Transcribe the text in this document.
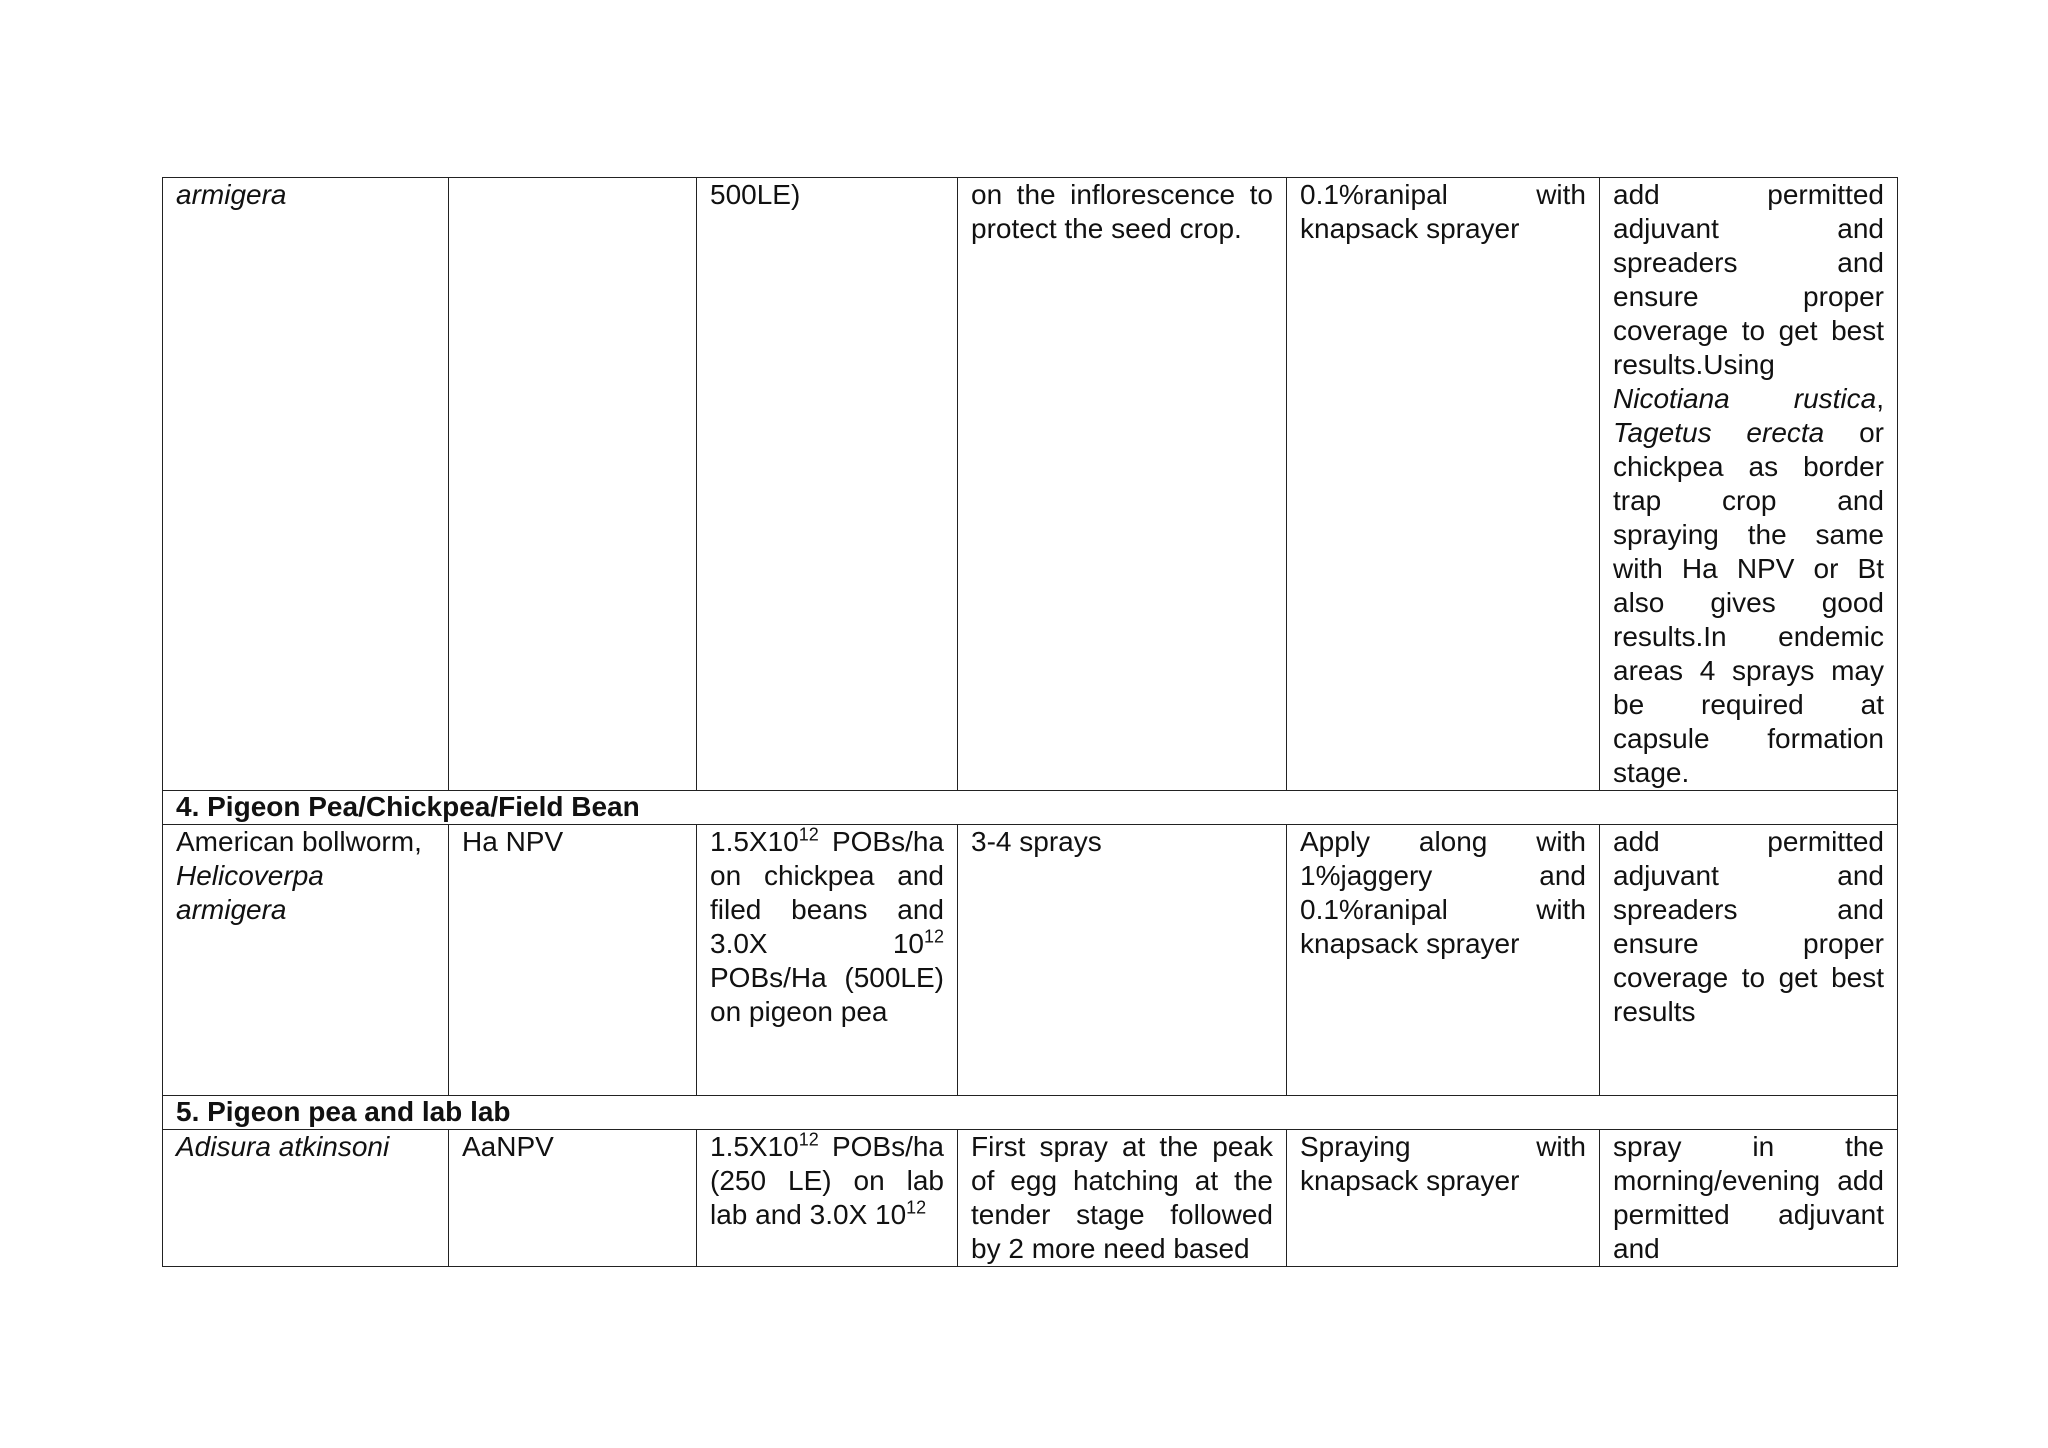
armigera		500LE)	on the inflorescence to protect the seed crop.	0.1%ranipal with knapsack sprayer	add permitted adjuvant and spreaders and ensure proper coverage to get best results.Using Nicotiana rustica, Tagetus erecta or chickpea as border trap crop and spraying the same with Ha NPV or Bt also gives good results.In endemic areas 4 sprays may be required at capsule formation stage.
4. Pigeon Pea/Chickpea/Field Bean					

American bollworm,
Helicoverpa armigera	Ha NPV	$1.5X10^{12}$ POBs/ha on chickpea and filed beans and 3.0X $10^{12}$ POBs/Ha (500LE) on pigeon pea	3-4 sprays	Apply along with 1%jaggery and 0.1%ranipal with knapsack sprayer	add permitted adjuvant and spreaders and ensure proper coverage to get best results
5. Pigeon pea and lab lab					
Adisura atkinsoni	AaNPV	$1.5X10^{12}$ POBs/ha (250 LE) on lab lab and 3.0X $10^{12}$	First spray at the peak of egg hatching at the tender stage followed by 2 more need based	Spraying with knapsack sprayer	spray in the morning/evening add permitted adjuvant and
